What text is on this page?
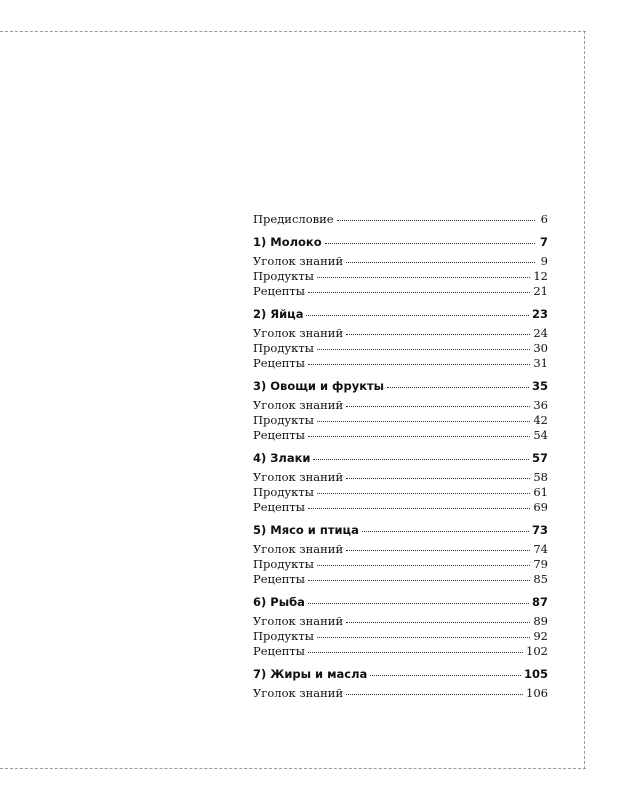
Предисловие	6
1) Молоко	7
Уголок знаний	9
Продукты	12
Рецепты	21
2) Яйца	23
Уголок знаний	24
Продукты	30
Рецепты	31
3) Овощи и фрукты	35
Уголок знаний	36
Продукты	42
Рецепты	54
4) Злаки	57
Уголок знаний	58
Продукты	61
Рецепты	69
5) Мясо и птица	73
Уголок знаний	74
Продукты	79
Рецепты	85
6) Рыба	87
Уголок знаний	89
Продукты	92
Рецепты	102
7) Жиры и масла	105
Уголок знаний	106
